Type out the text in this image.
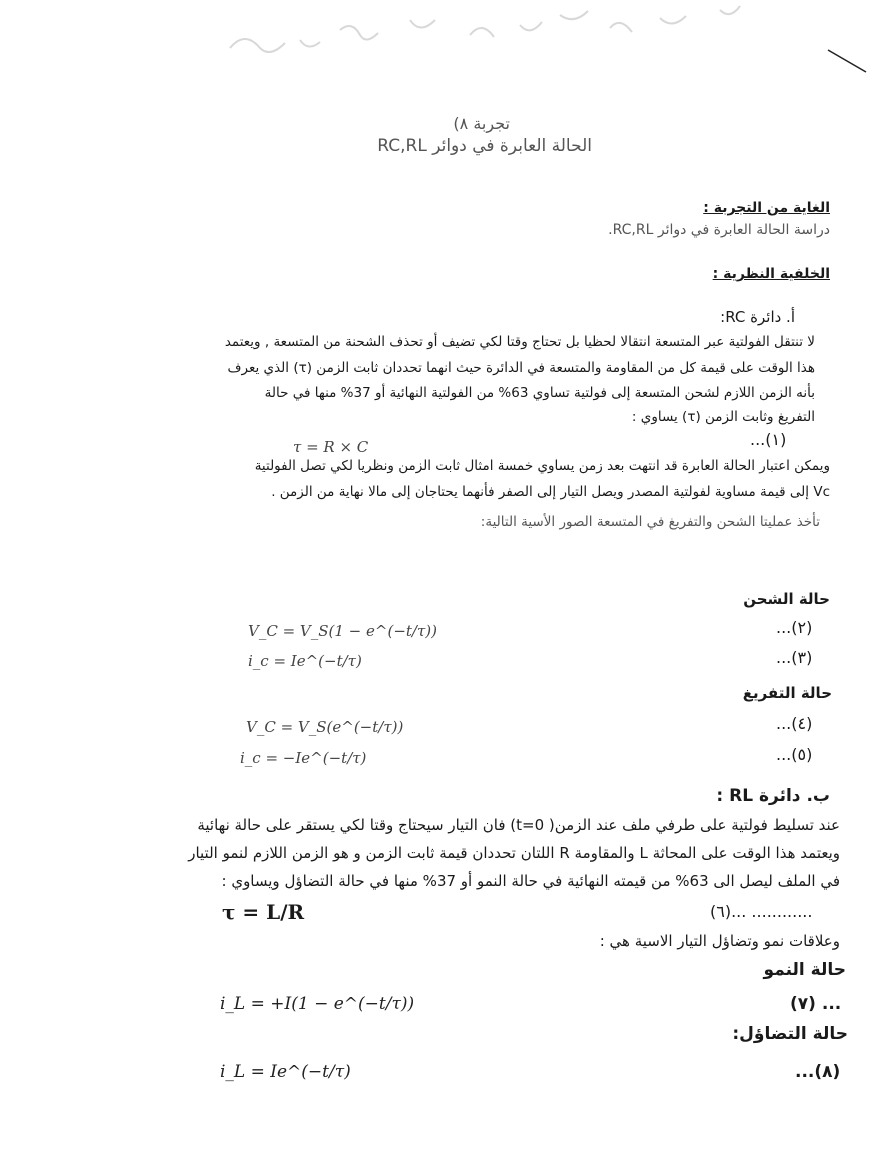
تجربة ٨)
الحالة العابرة في دوائر RC,RL
الغاية من التجربة :
دراسة الحالة العابرة في دوائر RC,RL.
الخلفية النظرية :
أ. دائرة RC:
لا تنتقل الفولتية عبر المتسعة انتقالا لحظيا بل تحتاج وقتا لكي تضيف أو تحذف الشحنة من المتسعة , ويعتمد
هذا الوقت على قيمة كل من المقاومة والمتسعة في الدائرة حيث انهما تحددان ثابت الزمن (τ) الذي يعرف
بأنه الزمن اللازم لشحن المتسعة إلى فولتية تساوي 63% من الفولتية النهائية أو 37% منها في حالة
التفريغ وثابت الزمن (τ) يساوي :
τ = R × C	...(١)
ويمكن اعتبار الحالة العابرة قد انتهت بعد زمن يساوي خمسة امثال ثابت الزمن ونظريا لكي تصل الفولتية
Vc إلى قيمة مساوية لفولتية المصدر ويصل التيار إلى الصفر فأنهما يحتاجان إلى مالا نهاية من الزمن .
تأخذ عمليتا الشحن والتفريغ في المتسعة الصور الأسية التالية:
حالة الشحن
V_C = V_S(1 − e^(−t/τ))	...(٢)
i_c = Ie^(−t/τ)	...(٣)
حالة التفريغ
V_C = V_S(e^(−t/τ))	...(٤)
i_c = −Ie^(−t/τ)	...(٥)
ب. دائرة RL :
عند تسليط فولتية على طرفي ملف عند الزمن( t=0) فان التيار سيحتاج وقتا لكي يستقر على حالة نهائية
ويعتمد هذا الوقت على المحاثة L والمقاومة R اللتان تحددان قيمة ثابت الزمن و هو الزمن اللازم لنمو التيار
في الملف ليصل الى 63% من قيمته النهائية في حالة النمو أو 37% منها في حالة التضاؤل ويساوي :
τ = L/R	(٦)... ............
وعلاقات نمو وتضاؤل التيار الاسية هي :
حالة النمو
i_L = +I(1 − e^(−t/τ))	(٧) ...
حالة التضاؤل:
i_L = Ie^(−t/τ)	...(٨)
